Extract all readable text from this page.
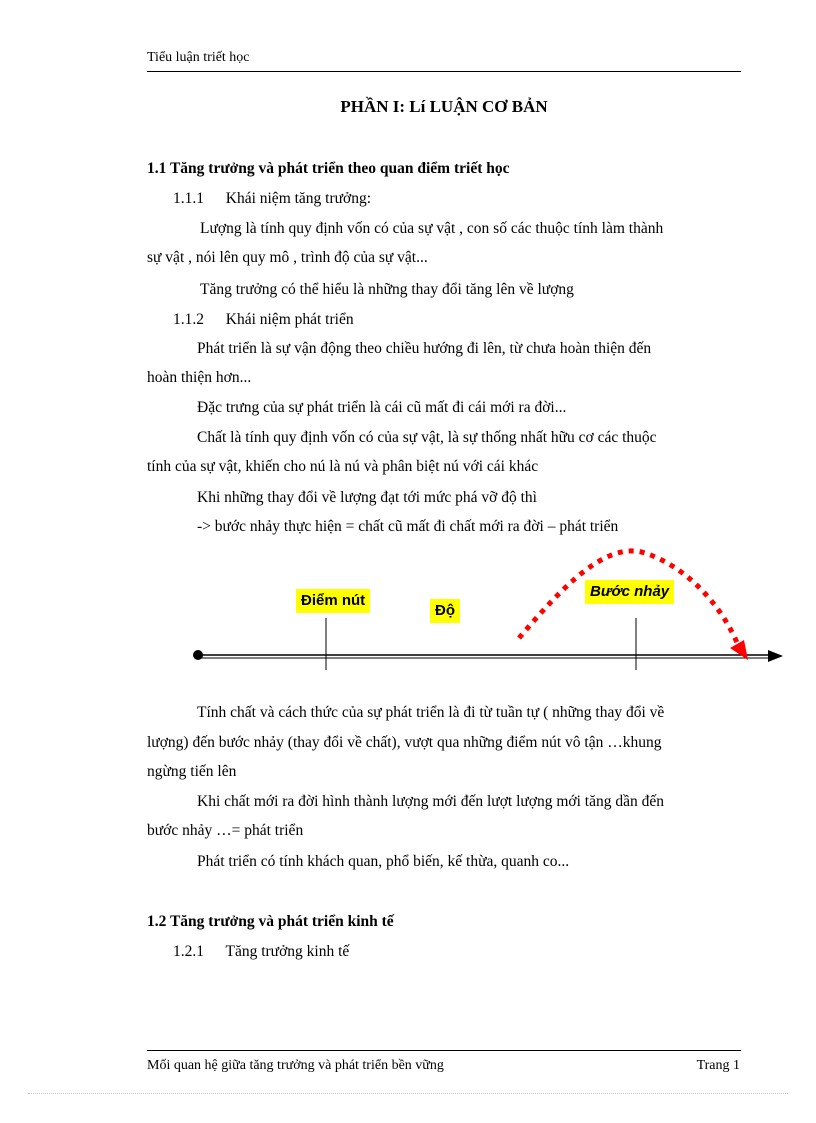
Tiểu luận triết học
PHẦN I: Lí LUẬN CƠ BẢN
1.1 Tăng trưởng và phát triển theo quan điểm triết học
1.1.1 Khái niệm tăng trưởng:
Lượng là tính quy định vốn có của sự vật , con số các thuộc tính làm thành
sự vật , nói lên quy mô , trình độ của sự vật...
Tăng trưởng có thể hiểu là những thay đổi tăng lên về lượng
1.1.2 Khái niệm phát triển
Phát triển là sự vận động theo chiều hướng đi lên, từ chưa hoàn thiện đến
hoàn thiện hơn...
Đặc trưng của sự phát triển là cái cũ mất đi cái mới ra đời...
Chất là tính quy định vốn có của sự vật, là sự thống nhất hữu cơ các thuộc
tính của sự vật, khiến cho nú là nú và phân biệt nú với cái khác
Khi những thay đổi về lượng đạt tới mức phá vỡ độ thì
-> bước nhảy thực hiện = chất cũ mất đi chất mới ra đời – phát triển
Điểm nút
Độ
Bước nhảy
Tính chất và cách thức của sự phát triển là đi từ tuần tự ( những thay đổi về
lượng) đến bước nhảy (thay đổi về chất), vượt qua những điểm nút vô tận …khung
ngừng tiến lên
Khi chất mới ra đời hình thành lượng mới đến lượt lượng mới tăng dần đến
bước nhảy …= phát triển
Phát triển có tính khách quan, phổ biến, kế thừa, quanh co...
1.2 Tăng trưởng và phát triển kinh tế
1.2.1 Tăng trưởng kinh tế
Mối quan hệ giữa tăng trưởng và phát triển bền vững	Trang 1
